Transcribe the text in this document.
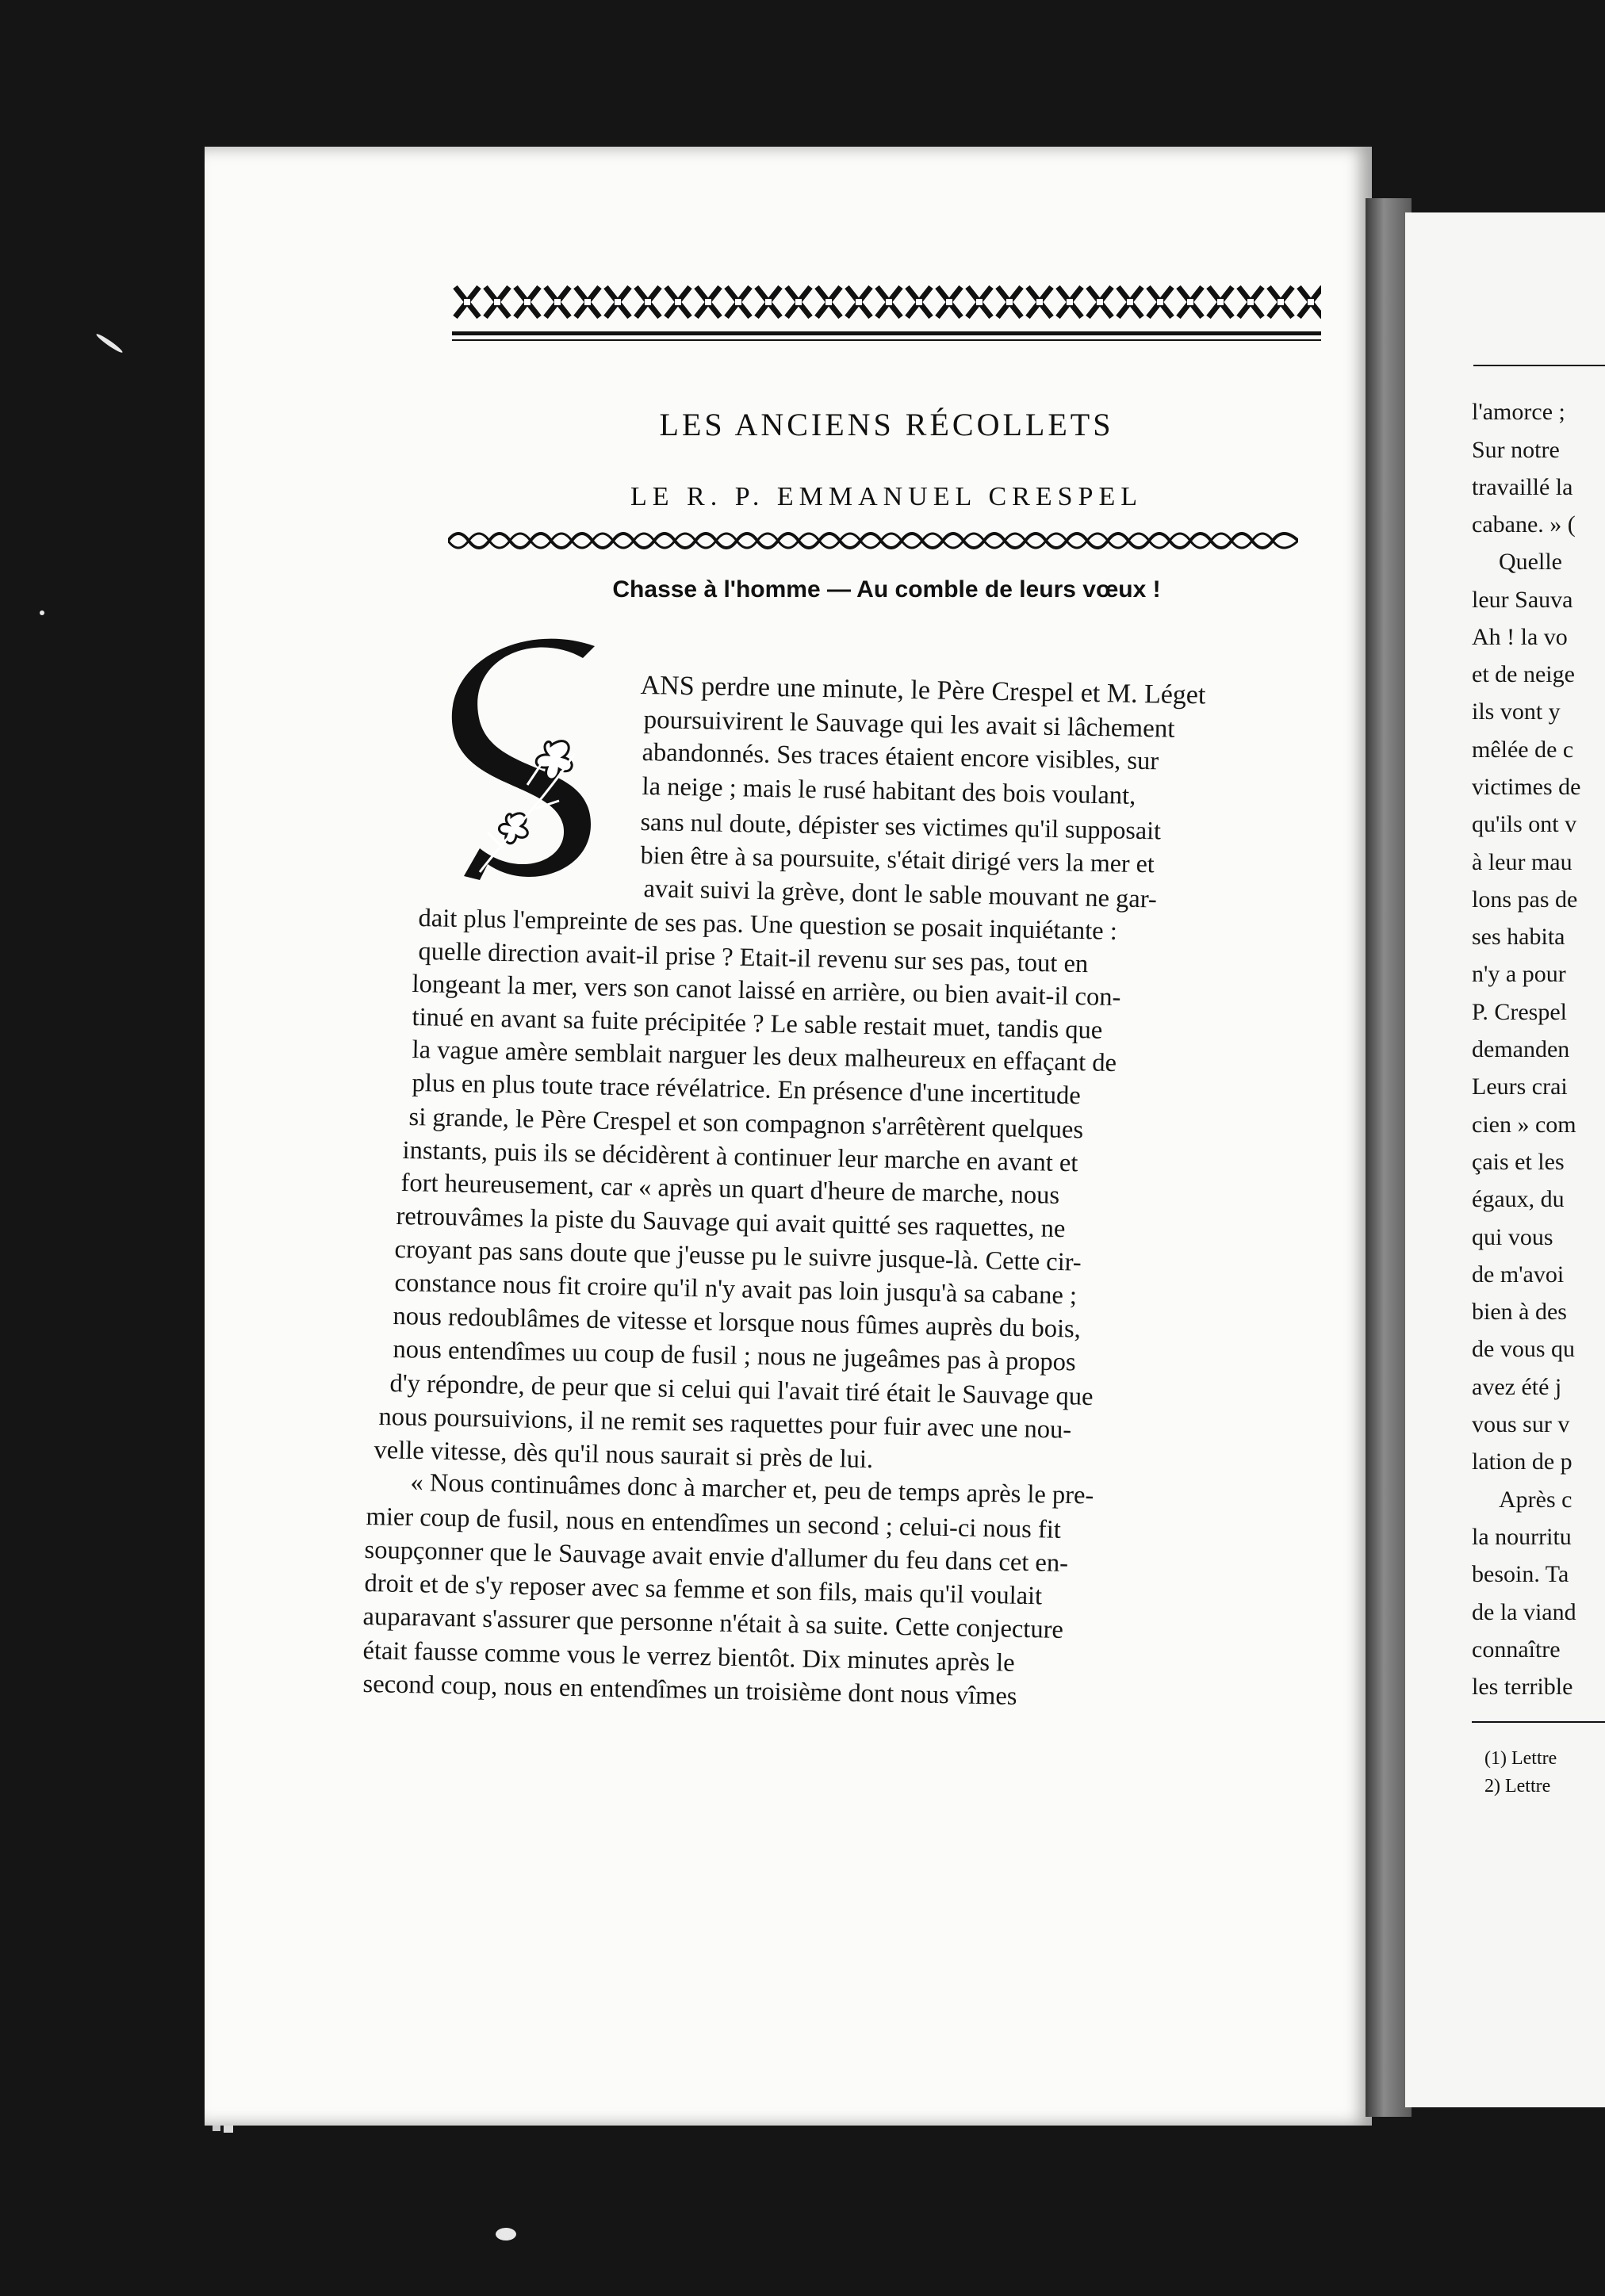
LES ANCIENS RÉCOLLETS
LE R. P. EMMANUEL CRESPEL
Chasse à l'homme — Au comble de leurs vœux !
ANS perdre une minute, le Père Crespel et M. Léget
poursuivirent le Sauvage qui les avait si lâchement
abandonnés. Ses traces étaient encore visibles, sur
la neige ; mais le rusé habitant des bois voulant,
sans nul doute, dépister ses victimes qu'il supposait
bien être à sa poursuite, s'était dirigé vers la mer et
avait suivi la grève, dont le sable mouvant ne gar-
dait plus l'empreinte de ses pas. Une question se posait inquiétante :
quelle direction avait-il prise ? Etait-il revenu sur ses pas, tout en
longeant la mer, vers son canot laissé en arrière, ou bien avait-il con-
tinué en avant sa fuite précipitée ? Le sable restait muet, tandis que
la vague amère semblait narguer les deux malheureux en effaçant de
plus en plus toute trace révélatrice. En présence d'une incertitude
si grande, le Père Crespel et son compagnon s'arrêtèrent quelques
instants, puis ils se décidèrent à continuer leur marche en avant et
fort heureusement, car « après un quart d'heure de marche, nous
retrouvâmes la piste du Sauvage qui avait quitté ses raquettes, ne
croyant pas sans doute que j'eusse pu le suivre jusque-là. Cette cir-
constance nous fit croire qu'il n'y avait pas loin jusqu'à sa cabane ;
nous redoublâmes de vitesse et lorsque nous fûmes auprès du bois,
nous entendîmes uu coup de fusil ; nous ne jugeâmes pas à propos
d'y répondre, de peur que si celui qui l'avait tiré était le Sauvage que
nous poursuivions, il ne remit ses raquettes pour fuir avec une nou-
velle vitesse, dès qu'il nous saurait si près de lui.
« Nous continuâmes donc à marcher et, peu de temps après le pre-
mier coup de fusil, nous en entendîmes un second ; celui-ci nous fit
soupçonner que le Sauvage avait envie d'allumer du feu dans cet en-
droit et de s'y reposer avec sa femme et son fils, mais qu'il voulait
auparavant s'assurer que personne n'était à sa suite. Cette conjecture
était fausse comme vous le verrez bientôt. Dix minutes après le
second coup, nous en entendîmes un troisième dont nous vîmes
l'amorce ;
Sur notre
travaillé la
cabane. » (
Quelle
leur Sauva
Ah ! la vo
et de neige
ils vont y
mêlée de c
victimes de
qu'ils ont v
à leur mau
lons pas de
ses habita
n'y a pour
P. Crespel
demanden
Leurs crai
cien » com
çais et les
égaux, du
qui vous
de m'avoi
bien à des
de vous qu
avez été j
vous sur v
lation de p
Après c
la nourritu
besoin. Ta
de la viand
connaître
les terrible
(1) Lettre
2) Lettre
